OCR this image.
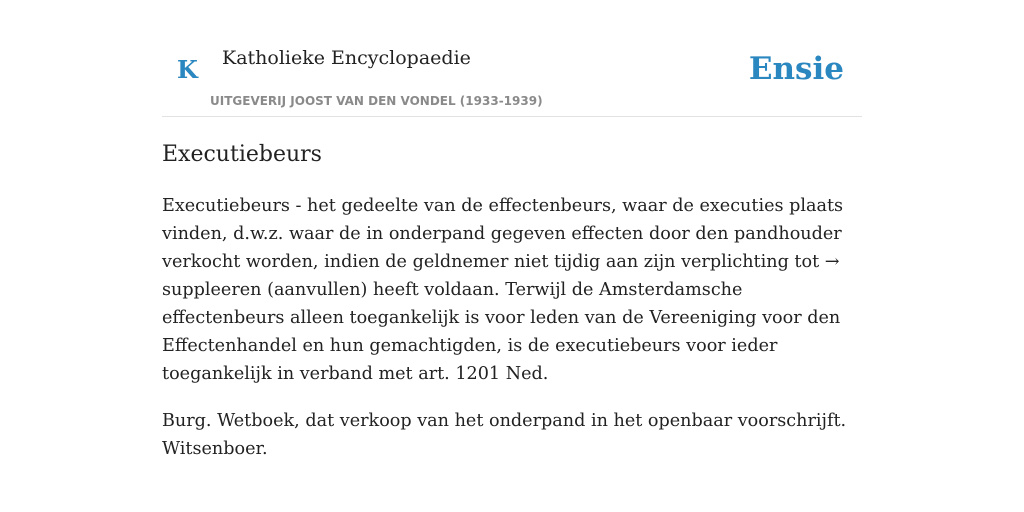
K Katholieke Encyclopaedie
UITGEVERIJ JOOST VAN DEN VONDEL (1933-1939)
Ensie
Executiebeurs

Executiebeurs - het gedeelte van de effectenbeurs, waar de executies plaats vinden, d.w.z. waar de in onderpand gegeven effecten door den pandhouder verkocht worden, indien de geldnemer niet tijdig aan zijn verplichting tot → suppleeren (aanvullen) heeft voldaan. Terwijl de Amsterdamsche effectenbeurs alleen toegankelijk is voor leden van de Vereeniging voor den Effectenhandel en hun gemachtigden, is de executiebeurs voor ieder toegankelijk in verband met art. 1201 Ned.

Burg. Wetboek, dat verkoop van het onderpand in het openbaar voorschrijft. Witsenboer.
